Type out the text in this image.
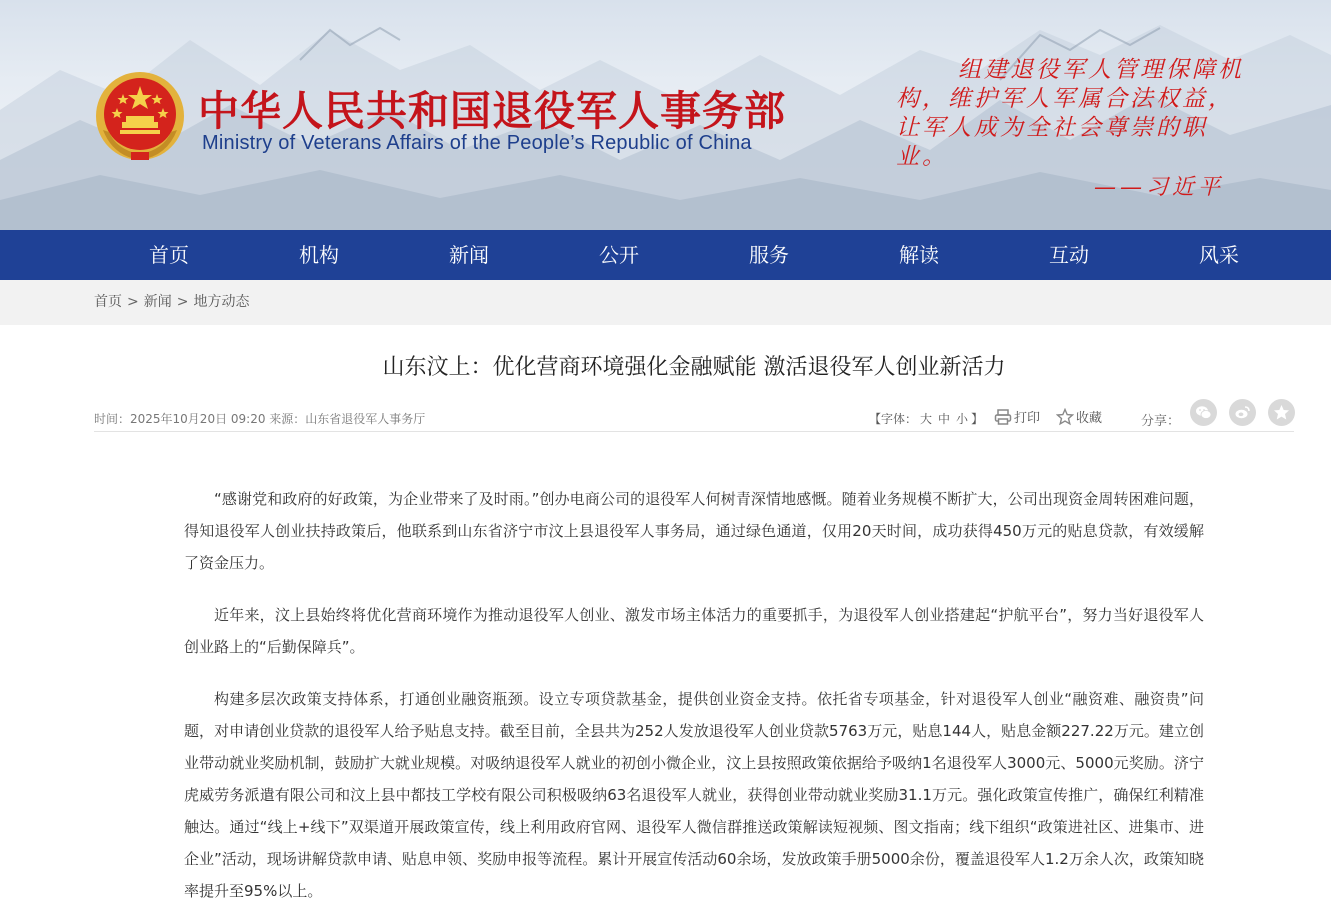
中华人民共和国退役军人事务部
Ministry of Veterans Affairs of the People’s Republic of China
组建退役军人管理保障机构，维护军人军属合法权益，让军人成为全社会尊崇的职业。
——习近平
首页	机构	新闻	公开	服务	解读	互动	风采
首页 > 新闻 > 地方动态
山东汶上：优化营商环境强化金融赋能 激活退役军人创业新活力
时间：2025年10月20日 09:20 来源：山东省退役军人事务厅	【字体： 大 中 小 】	打印	收藏	分享：

“感谢党和政府的好政策，为企业带来了及时雨。”创办电商公司的退役军人何树青深情地感慨。随着业务规模不断扩大，公司出现资金周转困难问题，得知退役军人创业扶持政策后，他联系到山东省济宁市汶上县退役军人事务局，通过绿色通道，仅用20天时间，成功获得450万元的贴息贷款，有效缓解了资金压力。

近年来，汶上县始终将优化营商环境作为推动退役军人创业、激发市场主体活力的重要抓手，为退役军人创业搭建起“护航平台”，努力当好退役军人创业路上的“后勤保障兵”。

构建多层次政策支持体系，打通创业融资瓶颈。设立专项贷款基金，提供创业资金支持。依托省专项基金，针对退役军人创业“融资难、融资贵”问题，对申请创业贷款的退役军人给予贴息支持。截至目前，全县共为252人发放退役军人创业贷款5763万元，贴息144人，贴息金额227.22万元。建立创业带动就业奖励机制，鼓励扩大就业规模。对吸纳退役军人就业的初创小微企业，汶上县按照政策依据给予吸纳1名退役军人3000元、5000元奖励。济宁虎威劳务派遣有限公司和汶上县中都技工学校有限公司积极吸纳63名退役军人就业，获得创业带动就业奖励31.1万元。强化政策宣传推广，确保红利精准触达。通过“线上+线下”双渠道开展政策宣传，线上利用政府官网、退役军人微信群推送政策解读短视频、图文指南；线下组织“政策进社区、进集市、进企业”活动，现场讲解贷款申请、贴息申领、奖励申报等流程。累计开展宣传活动60余场，发放政策手册5000余份，覆盖退役军人1.2万余人次，政策知晓率提升至95%以上。
